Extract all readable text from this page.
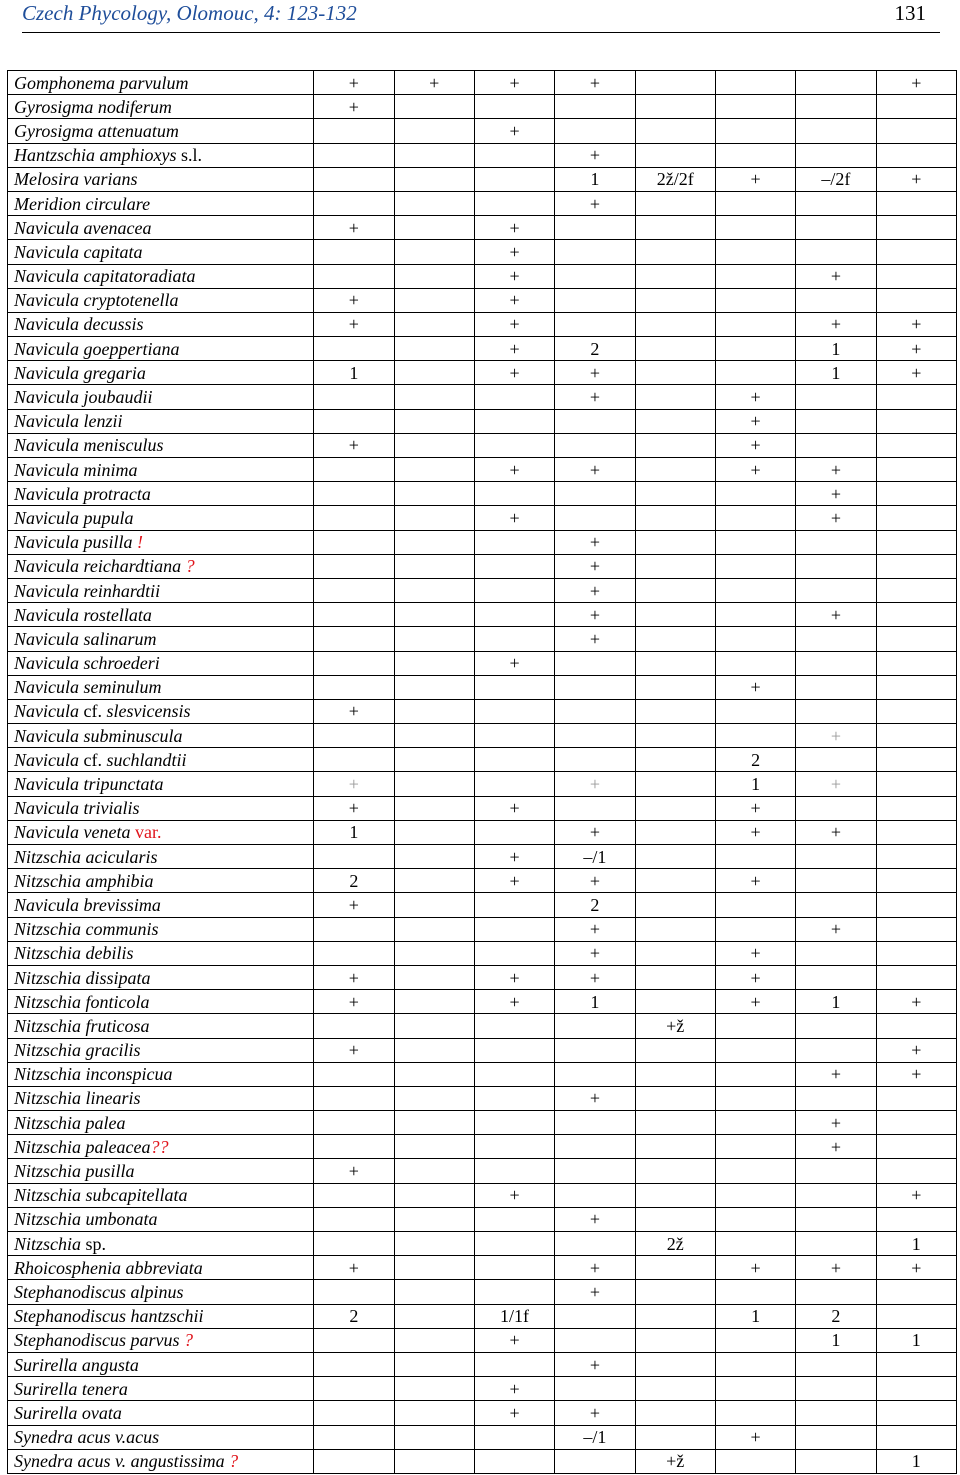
Czech Phycology, Olomouc, 4: 123-132	131
Gomphonema parvulum	+	+	+	+				+
Gyrosigma nodiferum	+							
Gyrosigma attenuatum			+					
Hantzschia amphioxys s.l.				+				
Melosira varians				1	2ž/2f	+	–/2f	+
Meridion circulare				+				
Navicula avenacea	+		+					
Navicula capitata			+					
Navicula capitatoradiata			+				+	
Navicula cryptotenella	+		+					
Navicula decussis	+		+				+	+
Navicula goeppertiana			+	2			1	+
Navicula gregaria	1		+	+			1	+
Navicula joubaudii				+		+		
Navicula lenzii						+		
Navicula menisculus	+					+		
Navicula minima			+	+		+	+	
Navicula protracta							+	
Navicula pupula			+				+	
Navicula pusilla !				+				
Navicula reichardtiana ?				+				
Navicula reinhardtii				+				
Navicula rostellata				+			+	
Navicula salinarum				+				
Navicula schroederi			+					
Navicula seminulum						+		
Navicula cf. slesvicensis	+							
Navicula subminuscula							+	
Navicula cf. suchlandtii						2		
Navicula tripunctata	+			+		1	+	
Navicula trivialis	+		+			+		
Navicula veneta var.	1			+		+	+	
Nitzschia acicularis			+	–/1				
Nitzschia amphibia	2		+	+		+		
Navicula brevissima	+			2				
Nitzschia communis				+			+	
Nitzschia debilis				+		+		
Nitzschia dissipata	+		+	+		+		
Nitzschia fonticola	+		+	1		+	1	+
Nitzschia fruticosa					+ž			
Nitzschia gracilis	+							+
Nitzschia inconspicua							+	+
Nitzschia linearis				+				
Nitzschia palea							+	
Nitzschia paleacea??							+	
Nitzschia pusilla	+							
Nitzschia subcapitellata			+					+
Nitzschia umbonata				+				
Nitzschia sp.					2ž			1
Rhoicosphenia abbreviata	+			+		+	+	+
Stephanodiscus alpinus				+				
Stephanodiscus hantzschii	2		1/1f			1	2	
Stephanodiscus parvus ?			+				1	1
Surirella angusta				+				
Surirella tenera			+					
Surirella ovata			+	+				
Synedra acus v.acus				–/1		+		
Synedra acus v. angustissima ?					+ž			1
